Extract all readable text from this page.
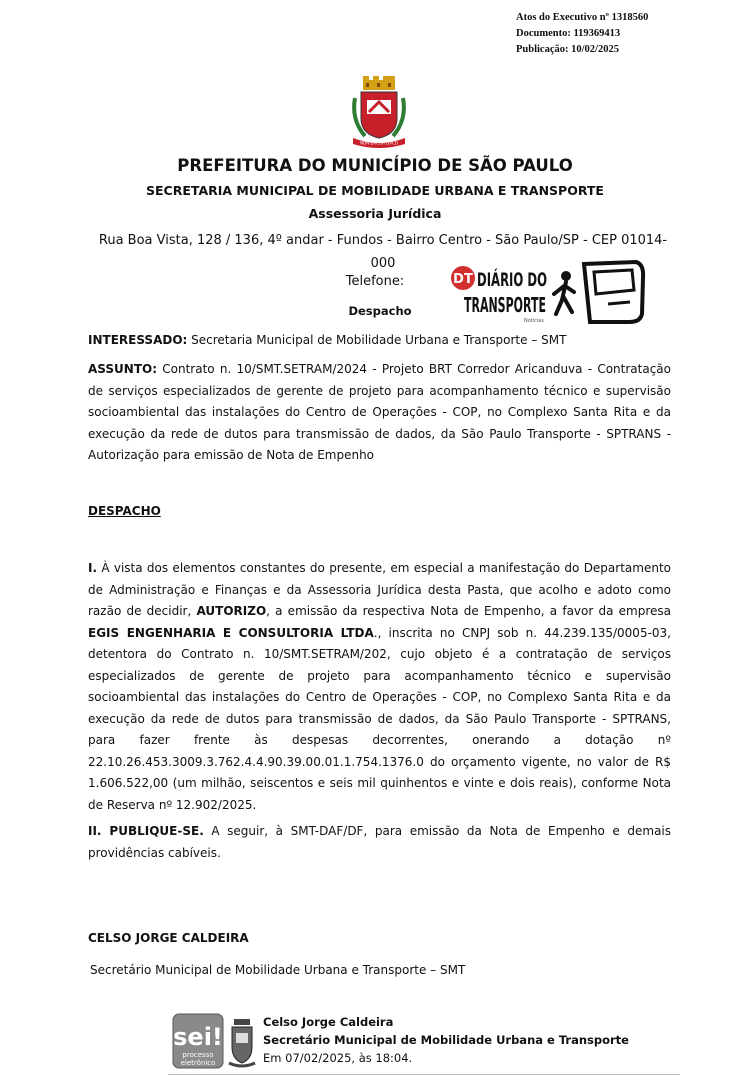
Atos do Executivo nº 1318560
Documento: 119369413
Publicação: 10/02/2025
NON DVCOR DVCO
PREFEITURA DO MUNICÍPIO DE SÃO PAULO
SECRETARIA MUNICIPAL DE MOBILIDADE URBANA E TRANSPORTE
Assessoria Jurídica
Rua Boa Vista, 128 / 136, 4º andar - Fundos - Bairro Centro - São Paulo/SP - CEP 01014-000
Telefone:
Despacho
DT DIÁRIO DO
TRANSPORTE
Notícias
INTERESSADO: Secretaria Municipal de Mobilidade Urbana e Transporte – SMT
ASSUNTO: Contrato n. 10/SMT.SETRAM/2024 - Projeto BRT Corredor Aricanduva - Contratação de serviços especializados de gerente de projeto para acompanhamento técnico e supervisão socioambiental das instalações do Centro de Operações - COP, no Complexo Santa Rita e da execução da rede de dutos para transmissão de dados, da São Paulo Transporte - SPTRANS - Autorização para emissão de Nota de Empenho
DESPACHO
I. À vista dos elementos constantes do presente, em especial a manifestação do Departamento de Administração e Finanças e da Assessoria Jurídica desta Pasta, que acolho e adoto como razão de decidir, AUTORIZO, a emissão da respectiva Nota de Empenho, a favor da empresa EGIS ENGENHARIA E CONSULTORIA LTDA., inscrita no CNPJ sob n. 44.239.135/0005-03, detentora do Contrato n. 10/SMT.SETRAM/202, cujo objeto é a contratação de serviços especializados de gerente de projeto para acompanhamento técnico e supervisão socioambiental das instalações do Centro de Operações - COP, no Complexo Santa Rita e da execução da rede de dutos para transmissão de dados, da São Paulo Transporte - SPTRANS, para fazer frente às despesas decorrentes, onerando a dotação nº 22.10.26.453.3009.3.762.4.4.90.39.00.01.1.754.1376.0 do orçamento vigente, no valor de R$ 1.606.522,00 (um milhão, seiscentos e seis mil quinhentos e vinte e dois reais), conforme Nota de Reserva nº 12.902/2025.
II. PUBLIQUE-SE. A seguir, à SMT-DAF/DF, para emissão da Nota de Empenho e demais providências cabíveis.
CELSO JORGE CALDEIRA
Secretário Municipal de Mobilidade Urbana e Transporte – SMT
sei!
processo
eletrônico
Celso Jorge Caldeira
Secretário Municipal de Mobilidade Urbana e Transporte
Em 07/02/2025, às 18:04.
